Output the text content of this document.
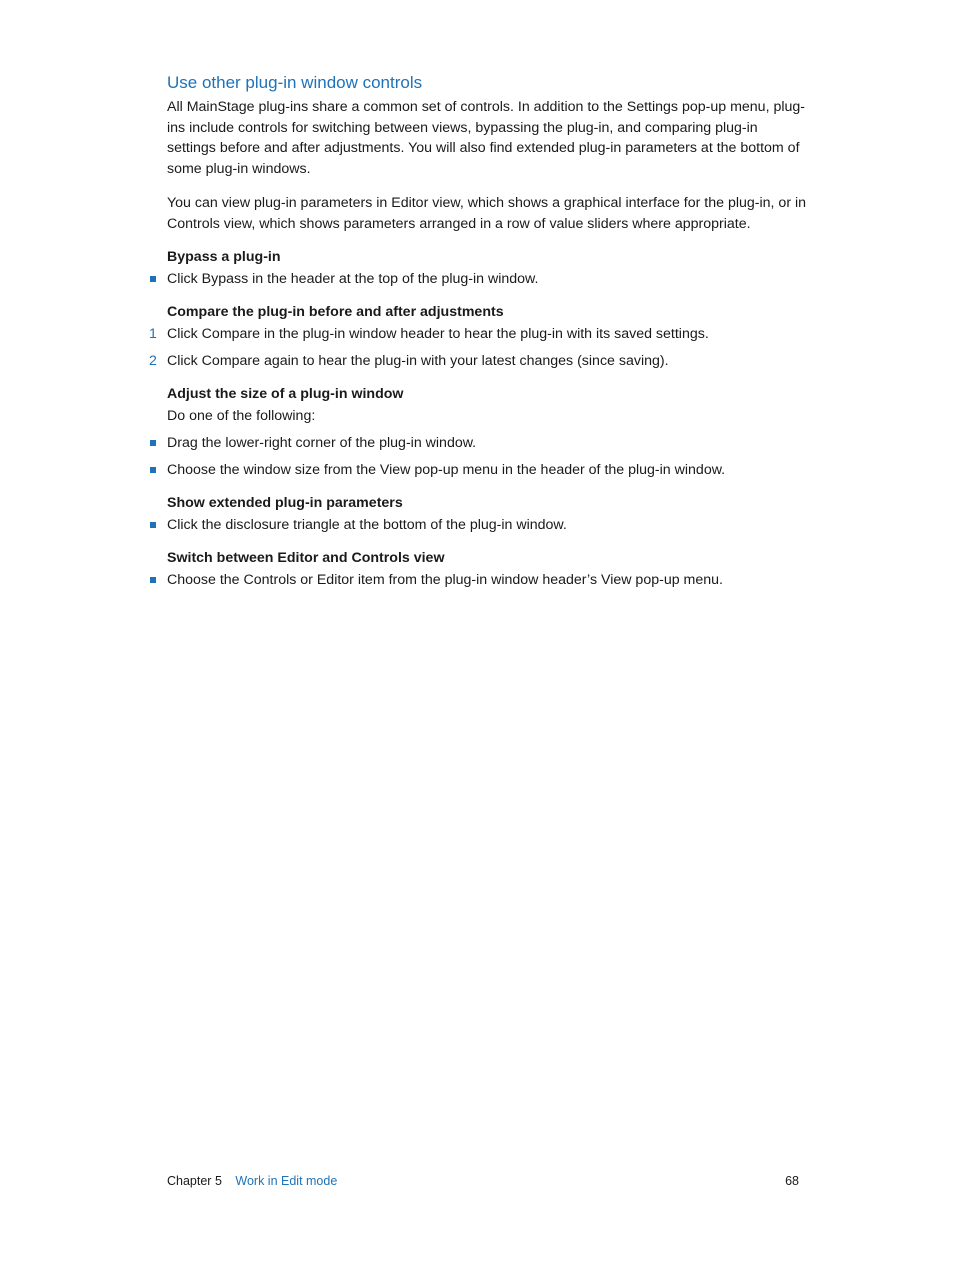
Use other plug-in window controls

All MainStage plug-ins share a common set of controls. In addition to the Settings pop-up menu, plug-ins include controls for switching between views, bypassing the plug-in, and comparing plug-in settings before and after adjustments. You will also find extended plug-in parameters at the bottom of some plug-in windows.

You can view plug-in parameters in Editor view, which shows a graphical interface for the plug-in, or in Controls view, which shows parameters arranged in a row of value sliders where appropriate.

Bypass a plug-in
Click Bypass in the header at the top of the plug-in window.
Compare the plug-in before and after adjustments
1 Click Compare in the plug-in window header to hear the plug-in with its saved settings.
2 Click Compare again to hear the plug-in with your latest changes (since saving).
Adjust the size of a plug-in window
Do one of the following:
Drag the lower-right corner of the plug-in window.
Choose the window size from the View pop-up menu in the header of the plug-in window.
Show extended plug-in parameters
Click the disclosure triangle at the bottom of the plug-in window.
Switch between Editor and Controls view
Choose the Controls or Editor item from the plug-in window header’s View pop-up menu.
Chapter 5 Work in Edit mode	68
